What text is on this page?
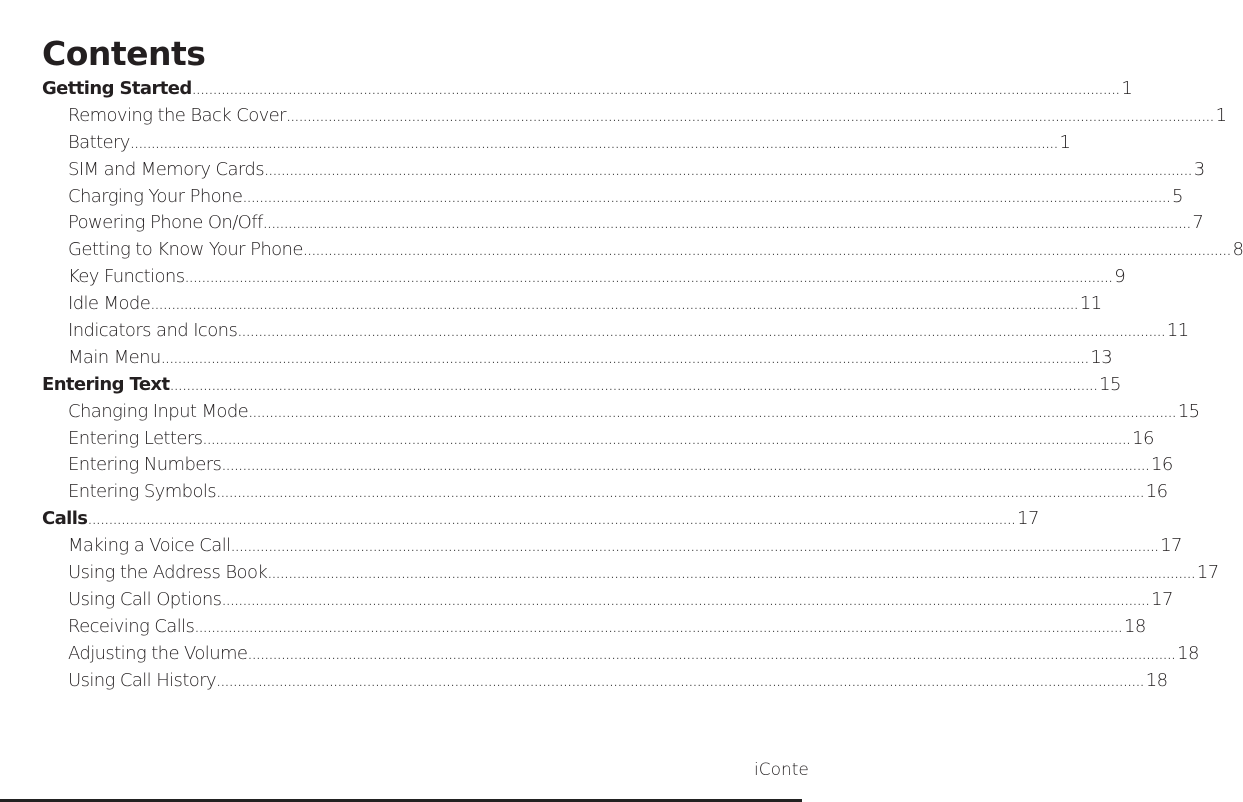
Contents
Getting Started .....	1
Removing the Back Cover .....	1
Battery .....	1
SIM and Memory Cards .....	3
Charging Your Phone .....	5
Powering Phone On/Off .....	7
Getting to Know Your Phone .....	8
Key Functions .....	9
Idle Mode .....	11
Indicators and Icons .....	11
Main Menu .....	13
Entering Text .....	15
Changing Input Mode .....	15
Entering Letters .....	16
Entering Numbers .....	16
Entering Symbols .....	16
Calls .....	17
Making a Voice Call .....	17
Using the Address Book .....	17
Using Call Options .....	17
Receiving Calls .....	18
Adjusting the Volume .....	18
Using Call History .....	18
iConte
